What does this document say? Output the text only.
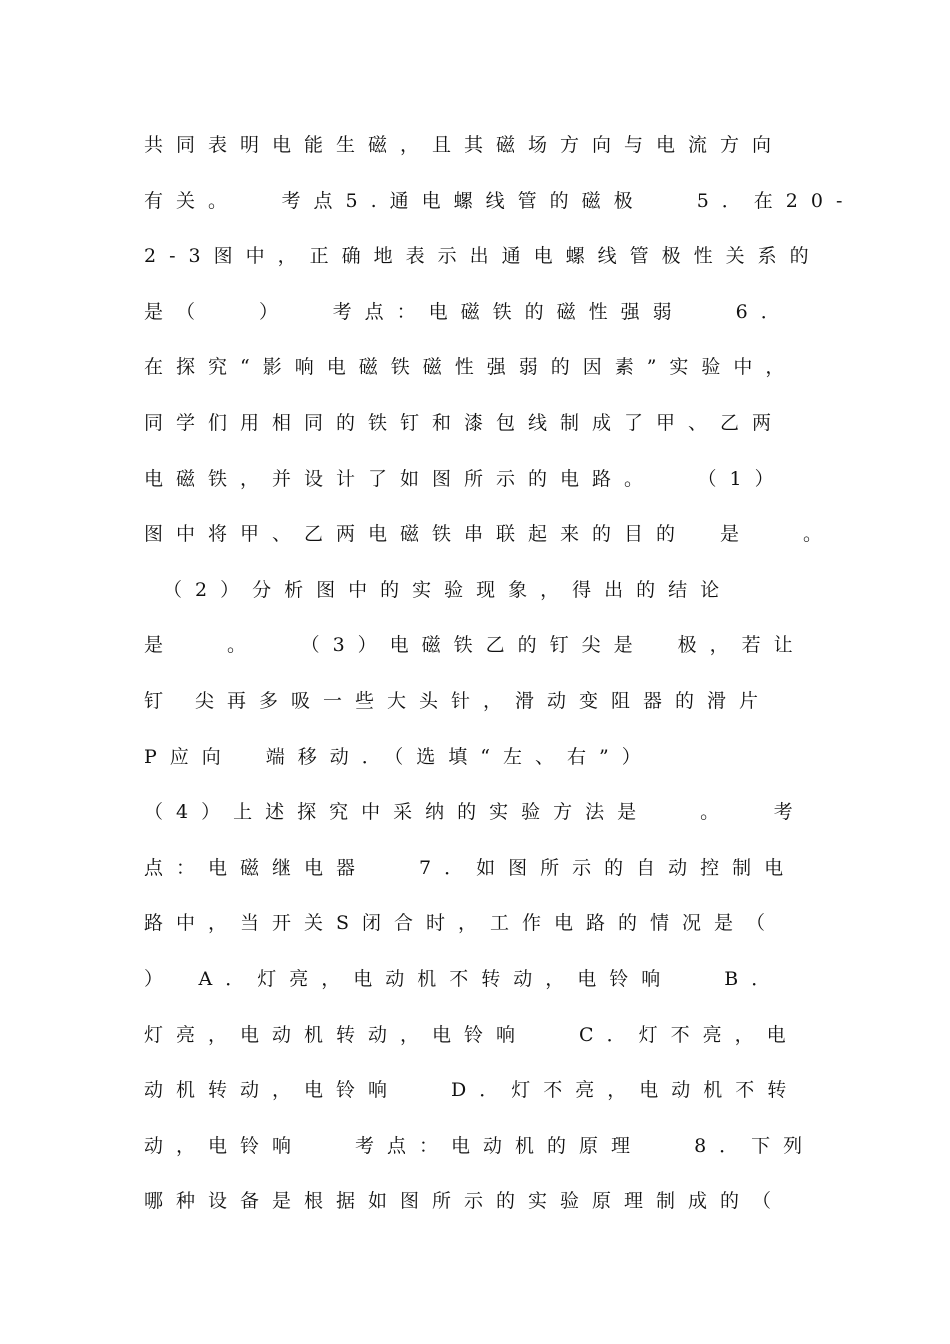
共同表明电能生磁，且其磁场方向与电流方向
有关。　 考点5.通电螺线管的磁极　 5．在20-
2-3图中，正确地表示出通电螺线管极性关系的
是（　 ）　 考点：电磁铁的磁性强弱　 6．
在探究“影响电磁铁磁性强弱的因素”实验中，
同学们用相同的铁钉和漆包线制成了甲、乙两
电磁铁，并设计了如图所示的电路。　 （1）
图中将甲、乙两电磁铁串联起来的目的　是　 。
（2）分析图中的实验现象，得出的结论
是　 。　 （3）电磁铁乙的钉尖是　极，若让
钉 尖再多吸一些大头针，滑动变阻器的滑片
P应向　端移动．（选填“左、右”）
（4）上述探究中采纳的实验方法是　 。　 考
点：电磁继电器　 7．如图所示的自动控制电
路中，当开关S闭合时，工作电路的情况是（
）　A．灯亮，电动机不转动，电铃响　 B．
灯亮，电动机转动，电铃响　 C．灯不亮，电
动机转动，电铃响　 D．灯不亮，电动机不转
动，电铃响　 考点：电动机的原理　 8．下列
哪种设备是根据如图所示的实验原理制成的（
